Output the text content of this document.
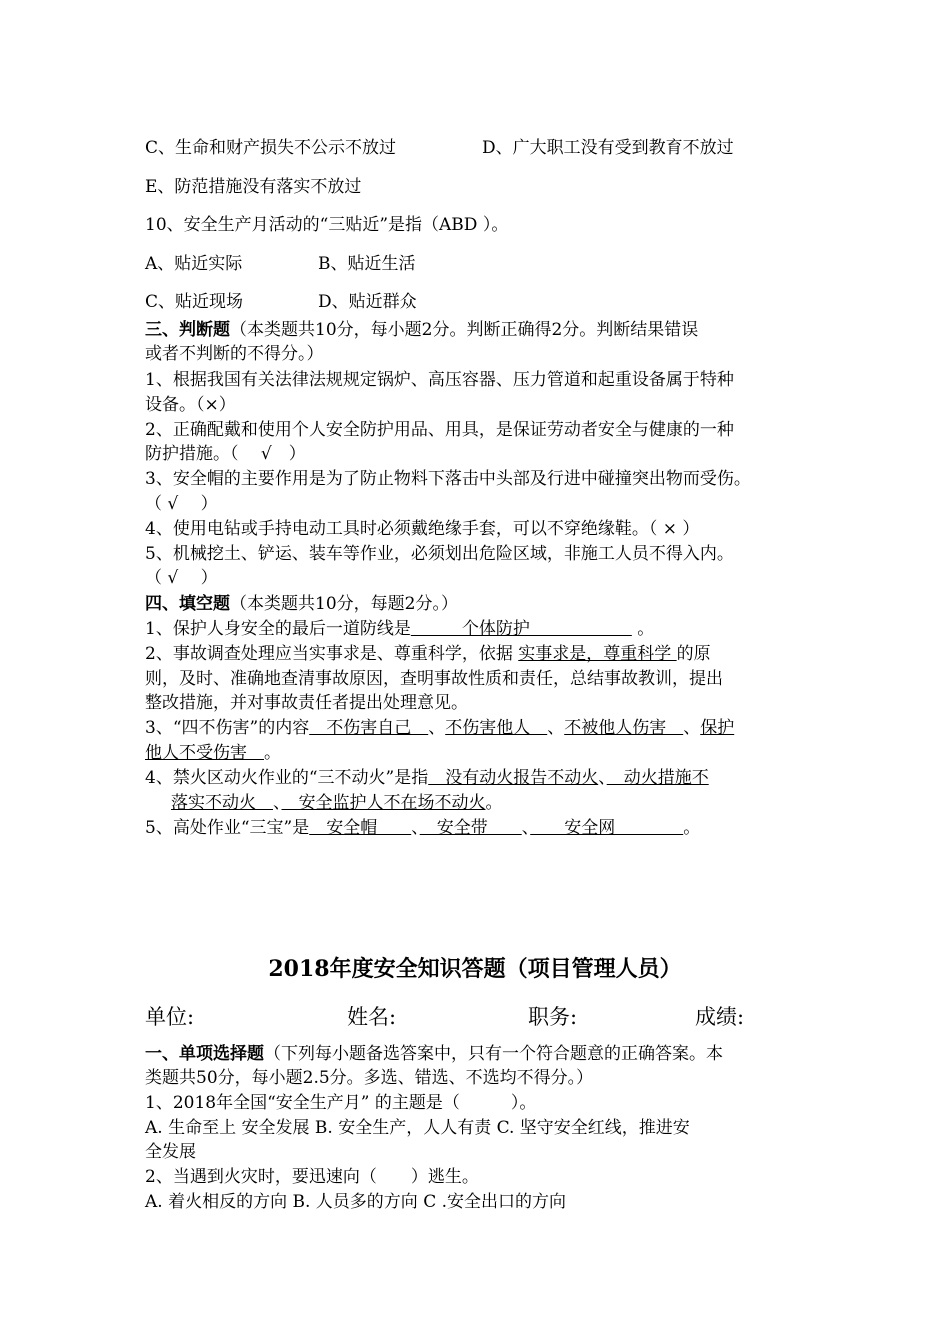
C、生命和财产损失不公示不放过	D、广大职工没有受到教育不放过
E、防范措施没有落实不放过
10、安全生产月活动的“三贴近”是指（ABD ）。
A、贴近实际	B、贴近生活
C、贴近现场	D、贴近群众
三、判断题（本类题共10分，每小题2分。判断正确得2分。判断结果错误
或者不判断的不得分。）
1、根据我国有关法律法规规定锅炉、高压容器、压力管道和起重设备属于特种
设备。（×）
2、正确配戴和使用个人安全防护用品、用具，是保证劳动者安全与健康的一种
防护措施。（　 √　）
3、安全帽的主要作用是为了防止物料下落击中头部及行进中碰撞突出物而受伤。
（ √　 ）
4、使用电钻或手持电动工具时必须戴绝缘手套，可以不穿绝缘鞋。（ × ）
5、机械挖土、铲运、装车等作业，必须划出危险区域，非施工人员不得入内。
（ √　 ）
四、填空题（本类题共10分，每题2分。）
1、保护人身安全的最后一道防线是　　　个体防护　　　　　　 。
2、事故调查处理应当实事求是、尊重科学，依据 实事求是，尊重科学 的原
则，及时、准确地查清事故原因，查明事故性质和责任，总结事故教训，提出
整改措施，并对事故责任者提出处理意见。
3、“四不伤害”的内容　不伤害自己　、不伤害他人　、不被他人伤害　、保护
他人不受伤害　。
4、禁火区动火作业的“三不动火”是指　没有动火报告不动火、　动火措施不
落实不动火　、　安全监护人不在场不动火。
5、高处作业“三宝”是　安全帽　　、　安全带　　、　　安全网　　　　。
2018年度安全知识答题（项目管理人员）
单位:	姓名:	职务:	成绩:
一、单项选择题（下列每小题备选答案中，只有一个符合题意的正确答案。本
类题共50分，每小题2.5分。多选、错选、不选均不得分。）
1、2018年全国“安全生产月” 的主题是（　　　）。
A. 生命至上 安全发展 B. 安全生产，人人有责 C. 坚守安全红线，推进安
全发展
2、当遇到火灾时，要迅速向（　　）逃生。
A. 着火相反的方向 B. 人员多的方向 C .安全出口的方向
